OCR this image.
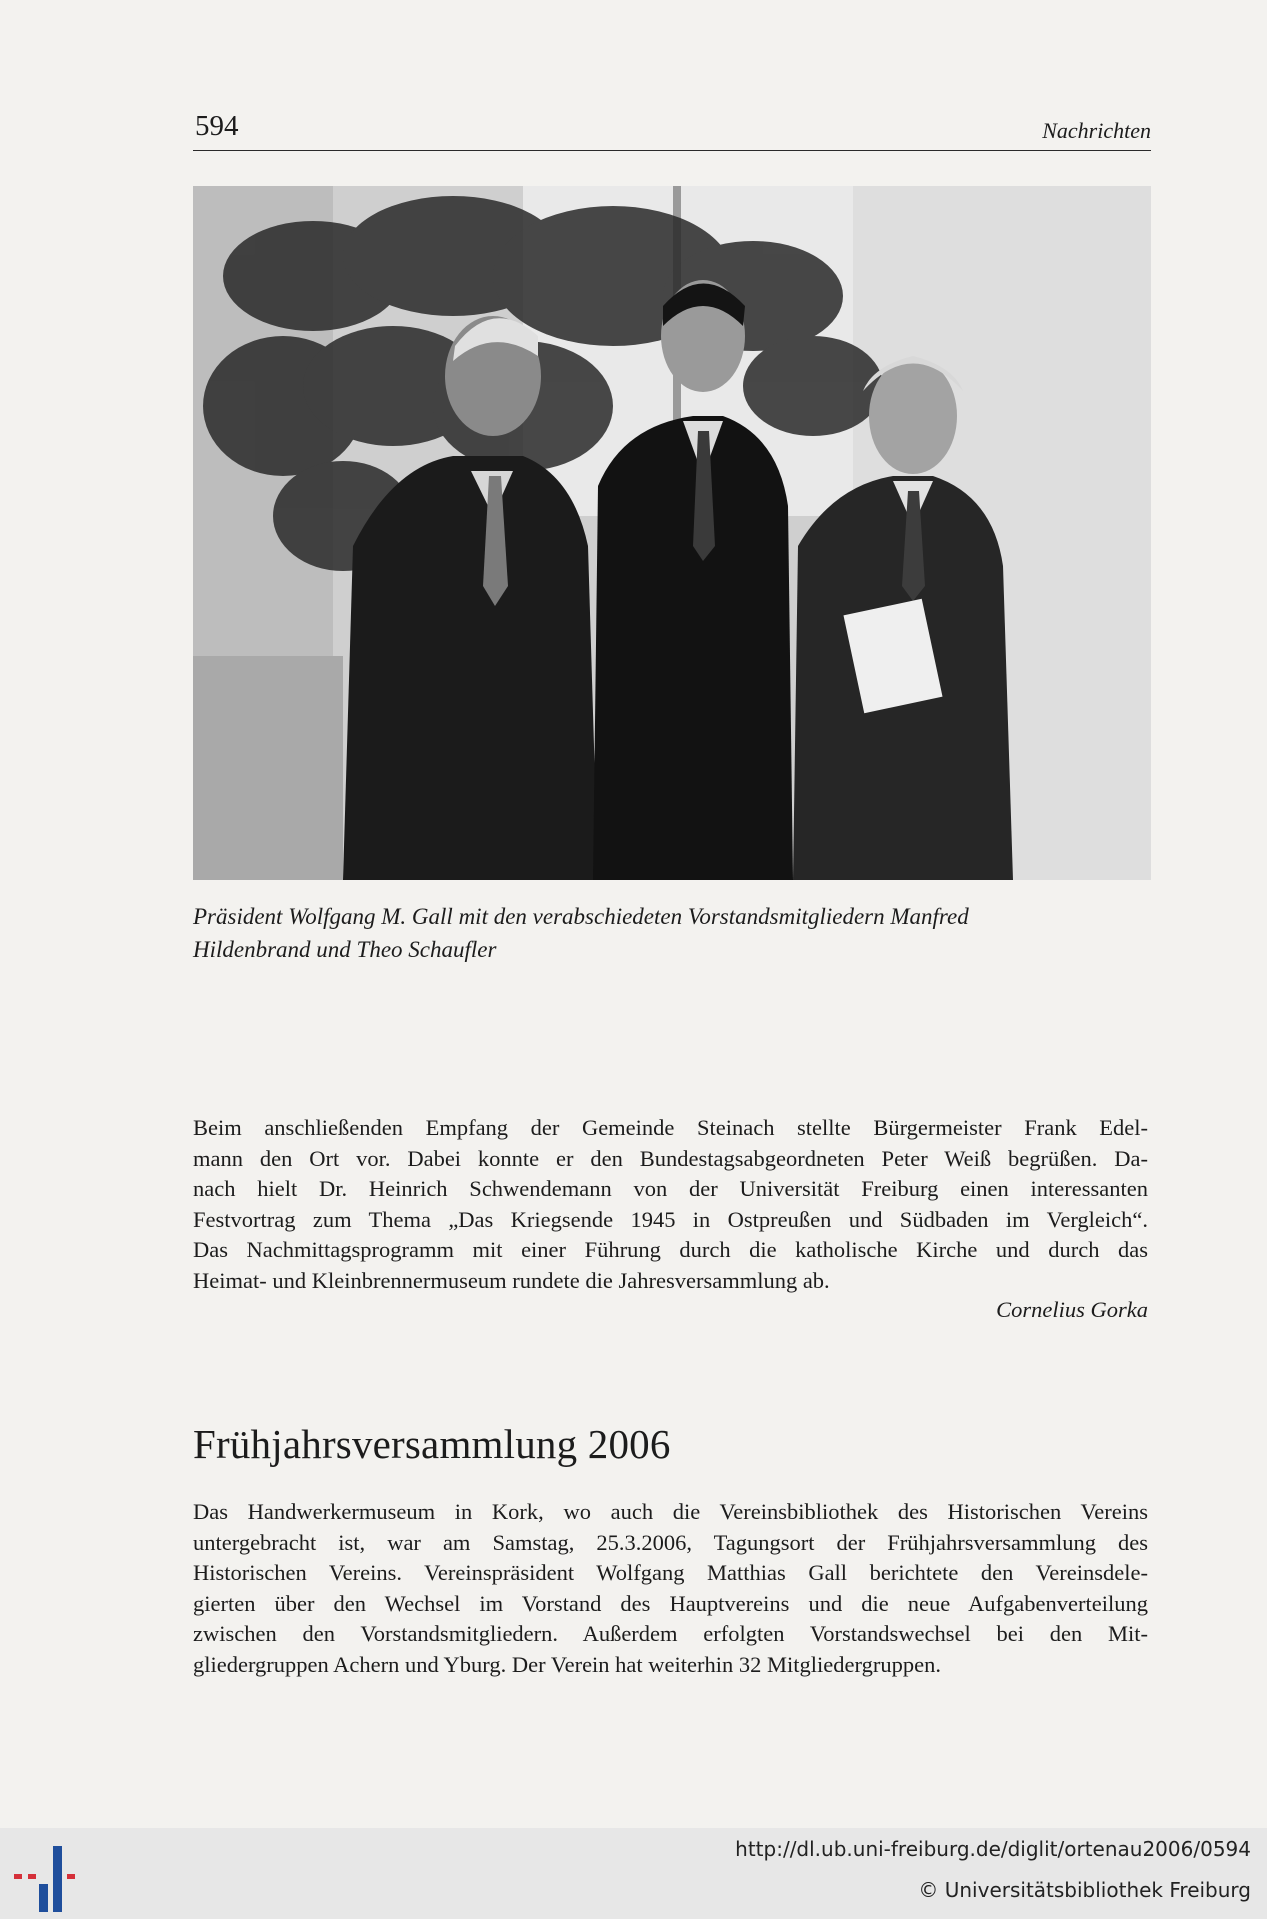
594	Nachrichten
Präsident Wolfgang M. Gall mit den verabschiedeten Vorstandsmitgliedern Manfred
Hildenbrand und Theo Schaufler
Beim anschließenden Empfang der Gemeinde Steinach stellte Bürgermeister Frank Edel-
mann den Ort vor. Dabei konnte er den Bundestagsabgeordneten Peter Weiß begrüßen. Da-
nach hielt Dr. Heinrich Schwendemann von der Universität Freiburg einen interessanten
Festvortrag zum Thema „Das Kriegsende 1945 in Ostpreußen und Südbaden im Vergleich“.
Das Nachmittagsprogramm mit einer Führung durch die katholische Kirche und durch das
Heimat- und Kleinbrennermuseum rundete die Jahresversammlung ab.
Cornelius Gorka
Frühjahrsversammlung 2006
Das Handwerkermuseum in Kork, wo auch die Vereinsbibliothek des Historischen Vereins
untergebracht ist, war am Samstag, 25.3.2006, Tagungsort der Frühjahrsversammlung des
Historischen Vereins. Vereinspräsident Wolfgang Matthias Gall berichtete den Vereinsdele-
gierten über den Wechsel im Vorstand des Hauptvereins und die neue Aufgabenverteilung
zwischen den Vorstandsmitgliedern. Außerdem erfolgten Vorstandswechsel bei den Mit-
gliedergruppen Achern und Yburg. Der Verein hat weiterhin 32 Mitgliedergruppen.
http://dl.ub.uni-freiburg.de/diglit/ortenau2006/0594
© Universitätsbibliothek Freiburg
